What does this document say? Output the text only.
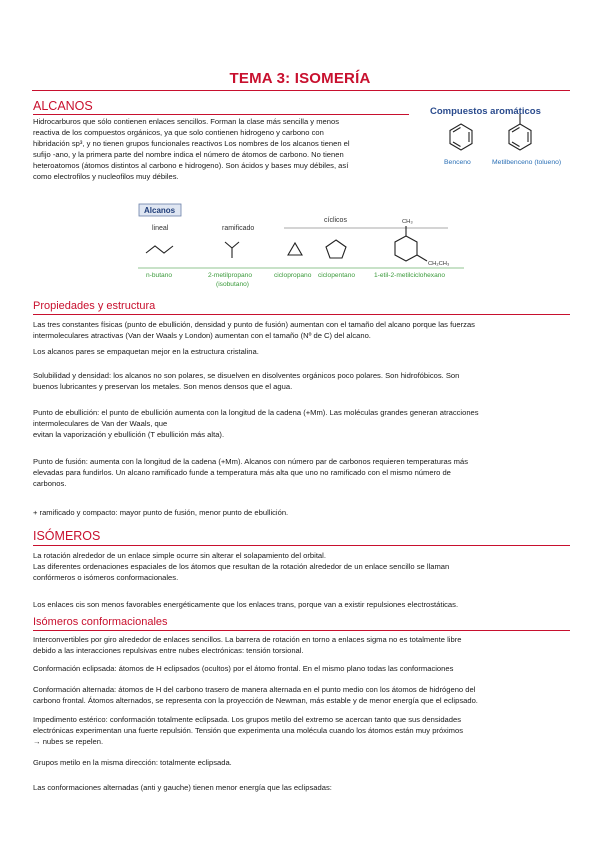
TEMA 3: ISOMERÍA
ALCANOS
Hidrocarburos que sólo contienen enlaces sencillos. Forman la clase más sencilla y menos
reactiva de los compuestos orgánicos, ya que solo contienen hidrogeno y carbono con
hibridación sp³, y no tienen grupos funcionales reactivos Los nombres de los alcanos tienen el
sufijo -ano, y la primera parte del nombre indica el número de átomos de carbono. No tienen
heteroatomos (átomos distintos al carbono e hidrogeno). Son ácidos y bases muy débiles, así
como electrofilos y nucleofilos muy débiles.
Compuestos aromáticos
Benceno	Metilbenceno (tolueno)
Alcanos
lineal	ramificado
cíclicos	CH₃
CH₂CH₃
n-butano	2-metilpropano
(isobutano)
ciclopropano ciclopentano	1-etil-2-metilciclohexano
Propiedades y estructura
Las tres constantes físicas (punto de ebullición, densidad y punto de fusión) aumentan con el tamaño del alcano porque las fuerzas
intermoleculares atractivas (Van der Waals y London) aumentan con el tamaño (Nº de C) del alcano.
Los alcanos pares se empaquetan mejor en la estructura cristalina.
Solubilidad y densidad: los alcanos no son polares, se disuelven en disolventes orgánicos poco polares. Son hidrofóbicos. Son
buenos lubricantes y preservan los metales. Son menos densos que el agua.
Punto de ebullición: el punto de ebullición aumenta con la longitud de la cadena (+Mm). Las moléculas grandes generan atracciones
intermoleculares de Van der Waals, que
evitan la vaporización y ebullición (T ebullición más alta).
Punto de fusión: aumenta con la longitud de la cadena (+Mm). Alcanos con número par de carbonos requieren temperaturas más
elevadas para fundirlos. Un alcano ramificado funde a temperatura más alta que uno no ramificado con el mismo número de
carbonos.
+ ramificado y compacto: mayor punto de fusión, menor punto de ebullición.
ISÓMEROS
La rotación alrededor de un enlace simple ocurre sin alterar el solapamiento del orbital.
Las diferentes ordenaciones espaciales de los átomos que resultan de la rotación alrededor de un enlace sencillo se llaman
confórmeros o isómeros conformacionales.
Los enlaces cis son menos favorables energéticamente que los enlaces trans, porque van a existir repulsiones electrostáticas.
Isómeros conformacionales
Interconvertibles por giro alrededor de enlaces sencillos. La barrera de rotación en torno a enlaces sigma no es totalmente libre
debido a las interacciones repulsivas entre nubes electrónicas: tensión torsional.
Conformación eclipsada: átomos de H eclipsados (ocultos) por el átomo frontal. En el mismo plano todas las conformaciones
Conformación alternada: átomos de H del carbono trasero de manera alternada en el punto medio con los átomos de hidrógeno del
carbono frontal. Átomos alternados, se representa con la proyección de Newman, más estable y de menor energía que el eclipsado.
Impedimento estérico: conformación totalmente eclipsada. Los grupos metilo del extremo se acercan tanto que sus densidades
electrónicas experimentan una fuerte repulsión. Tensión que experimenta una molécula cuando los átomos están muy próximos
→ nubes se repelen.
Grupos metilo en la misma dirección: totalmente eclipsada.
Las conformaciones alternadas (anti y gauche) tienen menor energía que las eclipsadas:
